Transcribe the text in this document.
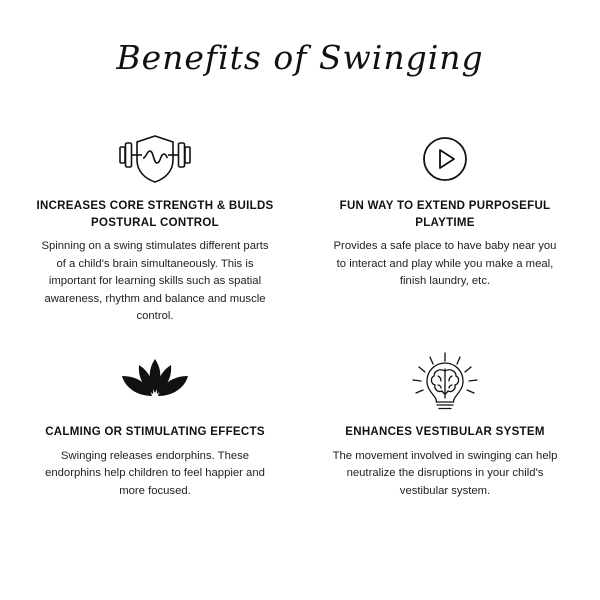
Benefits of Swinging
INCREASES CORE STRENGTH & BUILDS POSTURAL CONTROL
Spinning on a swing stimulates different parts of a child's brain simultaneously. This is important for learning skills such as spatial awareness, rhythm and balance and muscle control.
FUN WAY TO EXTEND PURPOSEFUL PLAYTIME
Provides a safe place to have baby near you to interact and play while you make a meal, finish laundry, etc.
CALMING OR STIMULATING EFFECTS
Swinging releases endorphins. These endorphins help children to feel happier and more focused.
ENHANCES VESTIBULAR SYSTEM
The movement involved in swinging can help neutralize the disruptions in your child's vestibular system.
